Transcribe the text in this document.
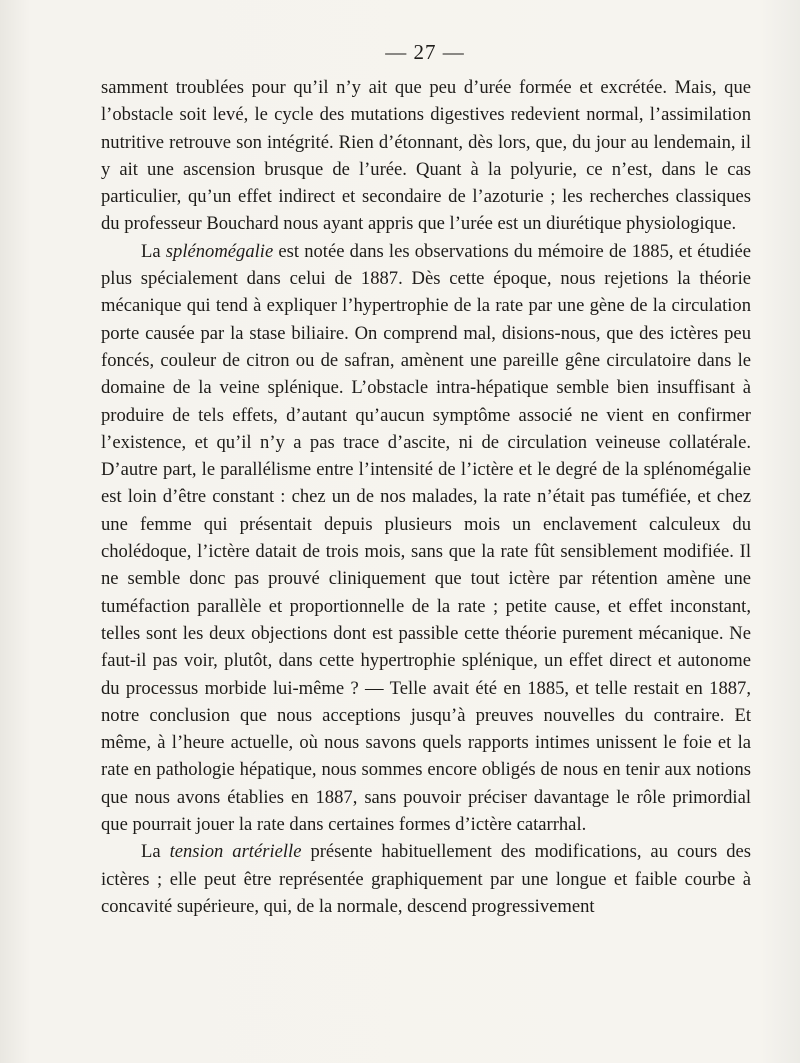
— 27 —

samment troublées pour qu’il n’y ait que peu d’urée formée et excrétée. Mais, que l’obstacle soit levé, le cycle des mutations digestives redevient normal, l’assimilation nutritive retrouve son intégrité. Rien d’étonnant, dès lors, que, du jour au lendemain, il y ait une ascension brusque de l’urée. Quant à la polyurie, ce n’est, dans le cas particulier, qu’un effet indirect et secondaire de l’azoturie ; les recherches classiques du professeur Bouchard nous ayant appris que l’urée est un diurétique physiologique.

La splénomégalie est notée dans les observations du mémoire de 1885, et étudiée plus spécialement dans celui de 1887. Dès cette époque, nous rejetions la théorie mécanique qui tend à expliquer l’hypertrophie de la rate par une gène de la circulation porte causée par la stase biliaire. On comprend mal, disions-nous, que des ictères peu foncés, couleur de citron ou de safran, amènent une pareille gêne circulatoire dans le domaine de la veine splénique. L’obstacle intra-hépatique semble bien insuffisant à produire de tels effets, d’autant qu’aucun symptôme associé ne vient en confirmer l’existence, et qu’il n’y a pas trace d’ascite, ni de circulation veineuse collatérale. D’autre part, le parallélisme entre l’intensité de l’ictère et le degré de la splénomégalie est loin d’être constant : chez un de nos malades, la rate n’était pas tuméfiée, et chez une femme qui présentait depuis plusieurs mois un enclavement calculeux du cholédoque, l’ictère datait de trois mois, sans que la rate fût sensiblement modifiée. Il ne semble donc pas prouvé cliniquement que tout ictère par rétention amène une tuméfaction parallèle et proportionnelle de la rate ; petite cause, et effet inconstant, telles sont les deux objections dont est passible cette théorie purement mécanique. Ne faut-il pas voir, plutôt, dans cette hypertrophie splénique, un effet direct et autonome du processus morbide lui-même ? — Telle avait été en 1885, et telle restait en 1887, notre conclusion que nous acceptions jusqu’à preuves nouvelles du contraire. Et même, à l’heure actuelle, où nous savons quels rapports intimes unissent le foie et la rate en pathologie hépatique, nous sommes encore obligés de nous en tenir aux notions que nous avons établies en 1887, sans pouvoir préciser davantage le rôle primordial que pourrait jouer la rate dans certaines formes d’ictère catarrhal.

La tension artérielle présente habituellement des modifications, au cours des ictères ; elle peut être représentée graphiquement par une longue et faible courbe à concavité supérieure, qui, de la normale, descend progressivement
